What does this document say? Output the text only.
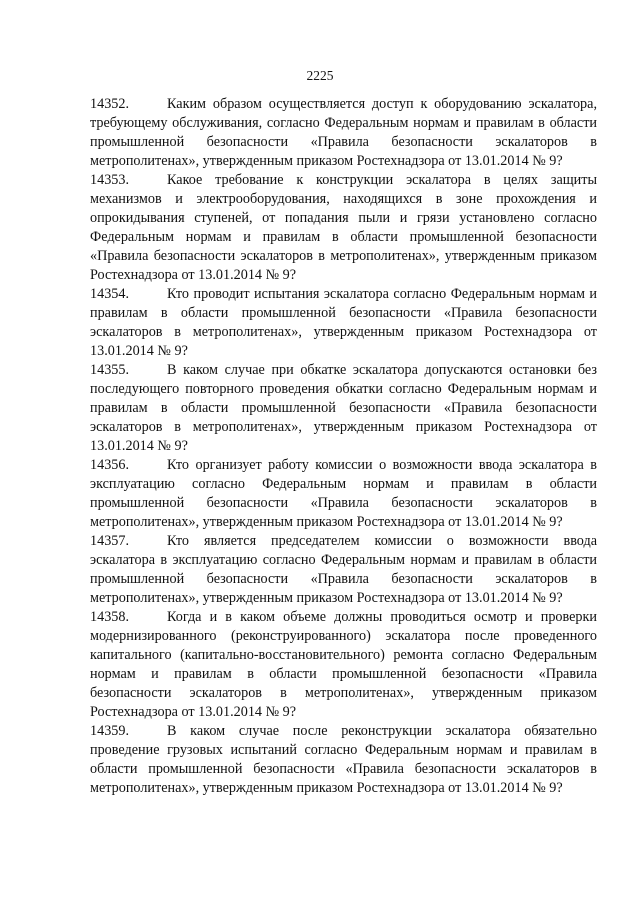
2225

14352.	Каким образом осуществляется доступ к оборудованию эскалатора, требующему обслуживания, согласно Федеральным нормам и правилам в области промышленной безопасности «Правила безопасности эскалаторов в метрополитенах», утвержденным приказом Ростехнадзора от 13.01.2014 № 9?

14353.	Какое требование к конструкции эскалатора в целях защиты механизмов и электрооборудования, находящихся в зоне прохождения и опрокидывания ступеней, от попадания пыли и грязи установлено согласно Федеральным нормам и правилам в области промышленной безопасности «Правила безопасности эскалаторов в метрополитенах», утвержденным приказом Ростехнадзора от 13.01.2014 № 9?

14354.	Кто проводит испытания эскалатора согласно Федеральным нормам и правилам в области промышленной безопасности «Правила безопасности эскалаторов в метрополитенах», утвержденным приказом Ростехнадзора от 13.01.2014 № 9?

14355.	В каком случае при обкатке эскалатора допускаются остановки без последующего повторного проведения обкатки согласно Федеральным нормам и правилам в области промышленной безопасности «Правила безопасности эскалаторов в метрополитенах», утвержденным приказом Ростехнадзора от 13.01.2014 № 9?

14356.	Кто организует работу комиссии о возможности ввода эскалатора в эксплуатацию согласно Федеральным нормам и правилам в области промышленной безопасности «Правила безопасности эскалаторов в метрополитенах», утвержденным приказом Ростехнадзора от 13.01.2014 № 9?

14357.	Кто является председателем комиссии о возможности ввода эскалатора в эксплуатацию согласно Федеральным нормам и правилам в области промышленной безопасности «Правила безопасности эскалаторов в метрополитенах», утвержденным приказом Ростехнадзора от 13.01.2014 № 9?

14358.	Когда и в каком объеме должны проводиться осмотр и проверки модернизированного (реконструированного) эскалатора после проведенного капитального (капитально-восстановительного) ремонта согласно Федеральным нормам и правилам в области промышленной безопасности «Правила безопасности эскалаторов в метрополитенах», утвержденным приказом Ростехнадзора от 13.01.2014 № 9?

14359.	В каком случае после реконструкции эскалатора обязательно проведение грузовых испытаний согласно Федеральным нормам и правилам в области промышленной безопасности «Правила безопасности эскалаторов в метрополитенах», утвержденным приказом Ростехнадзора от 13.01.2014 № 9?
